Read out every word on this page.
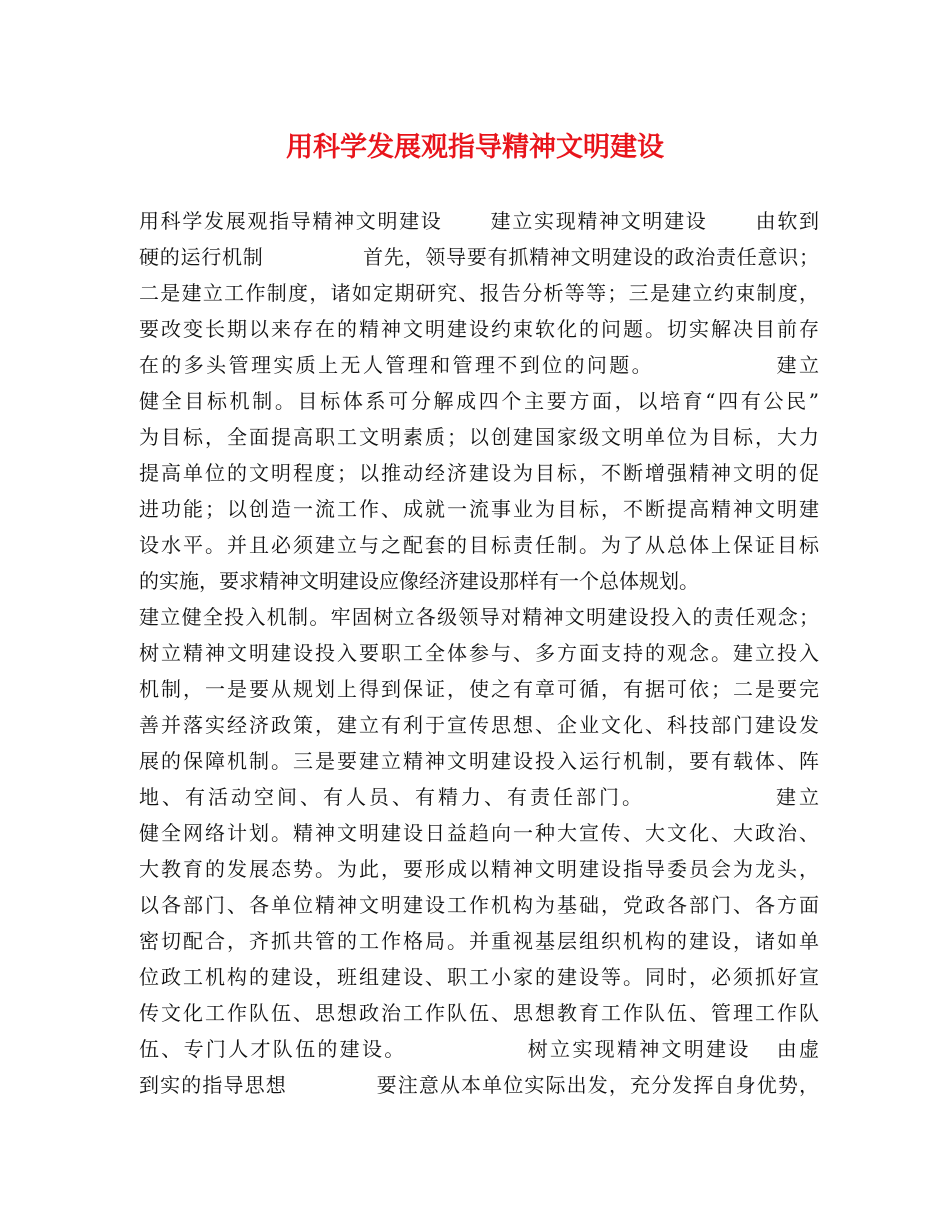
用科学发展观指导精神文明建设
用科学发展观指导精神文明建设      建立实现精神文明建设      由软到
硬的运行机制              首先，领导要有抓精神文明建设的政治责任意识；
二是建立工作制度，诸如定期研究、报告分析等等；三是建立约束制度，
要改变长期以来存在的精神文明建设约束软化的问题。切实解决目前存
在的多头管理实质上无人管理和管理不到位的问题。              建立
健全目标机制。目标体系可分解成四个主要方面，以培育“四有公民”
为目标，全面提高职工文明素质；以创建国家级文明单位为目标，大力
提高单位的文明程度；以推动经济建设为目标，不断增强精神文明的促
进功能；以创造一流工作、成就一流事业为目标，不断提高精神文明建
设水平。并且必须建立与之配套的目标责任制。为了从总体上保证目标
的实施，要求精神文明建设应像经济建设那样有一个总体规划。
建立健全投入机制。牢固树立各级领导对精神文明建设投入的责任观念；
树立精神文明建设投入要职工全体参与、多方面支持的观念。建立投入
机制，一是要从规划上得到保证，使之有章可循，有据可依；二是要完
善并落实经济政策，建立有利于宣传思想、企业文化、科技部门建设发
展的保障机制。三是要建立精神文明建设投入运行机制，要有载体、阵
地、有活动空间、有人员、有精力、有责任部门。              建立
健全网络计划。精神文明建设日益趋向一种大宣传、大文化、大政治、
大教育的发展态势。为此，要形成以精神文明建设指导委员会为龙头，
以各部门、各单位精神文明建设工作机构为基础，党政各部门、各方面
密切配合，齐抓共管的工作格局。并重视基层组织机构的建设，诸如单
位政工机构的建设，班组建设、职工小家的建设等。同时，必须抓好宣
传文化工作队伍、思想政治工作队伍、思想教育工作队伍、管理工作队
伍、专门人才队伍的建设。              树立实现精神文明建设   由虚
到实的指导思想            要注意从本单位实际出发，充分发挥自身优势，
